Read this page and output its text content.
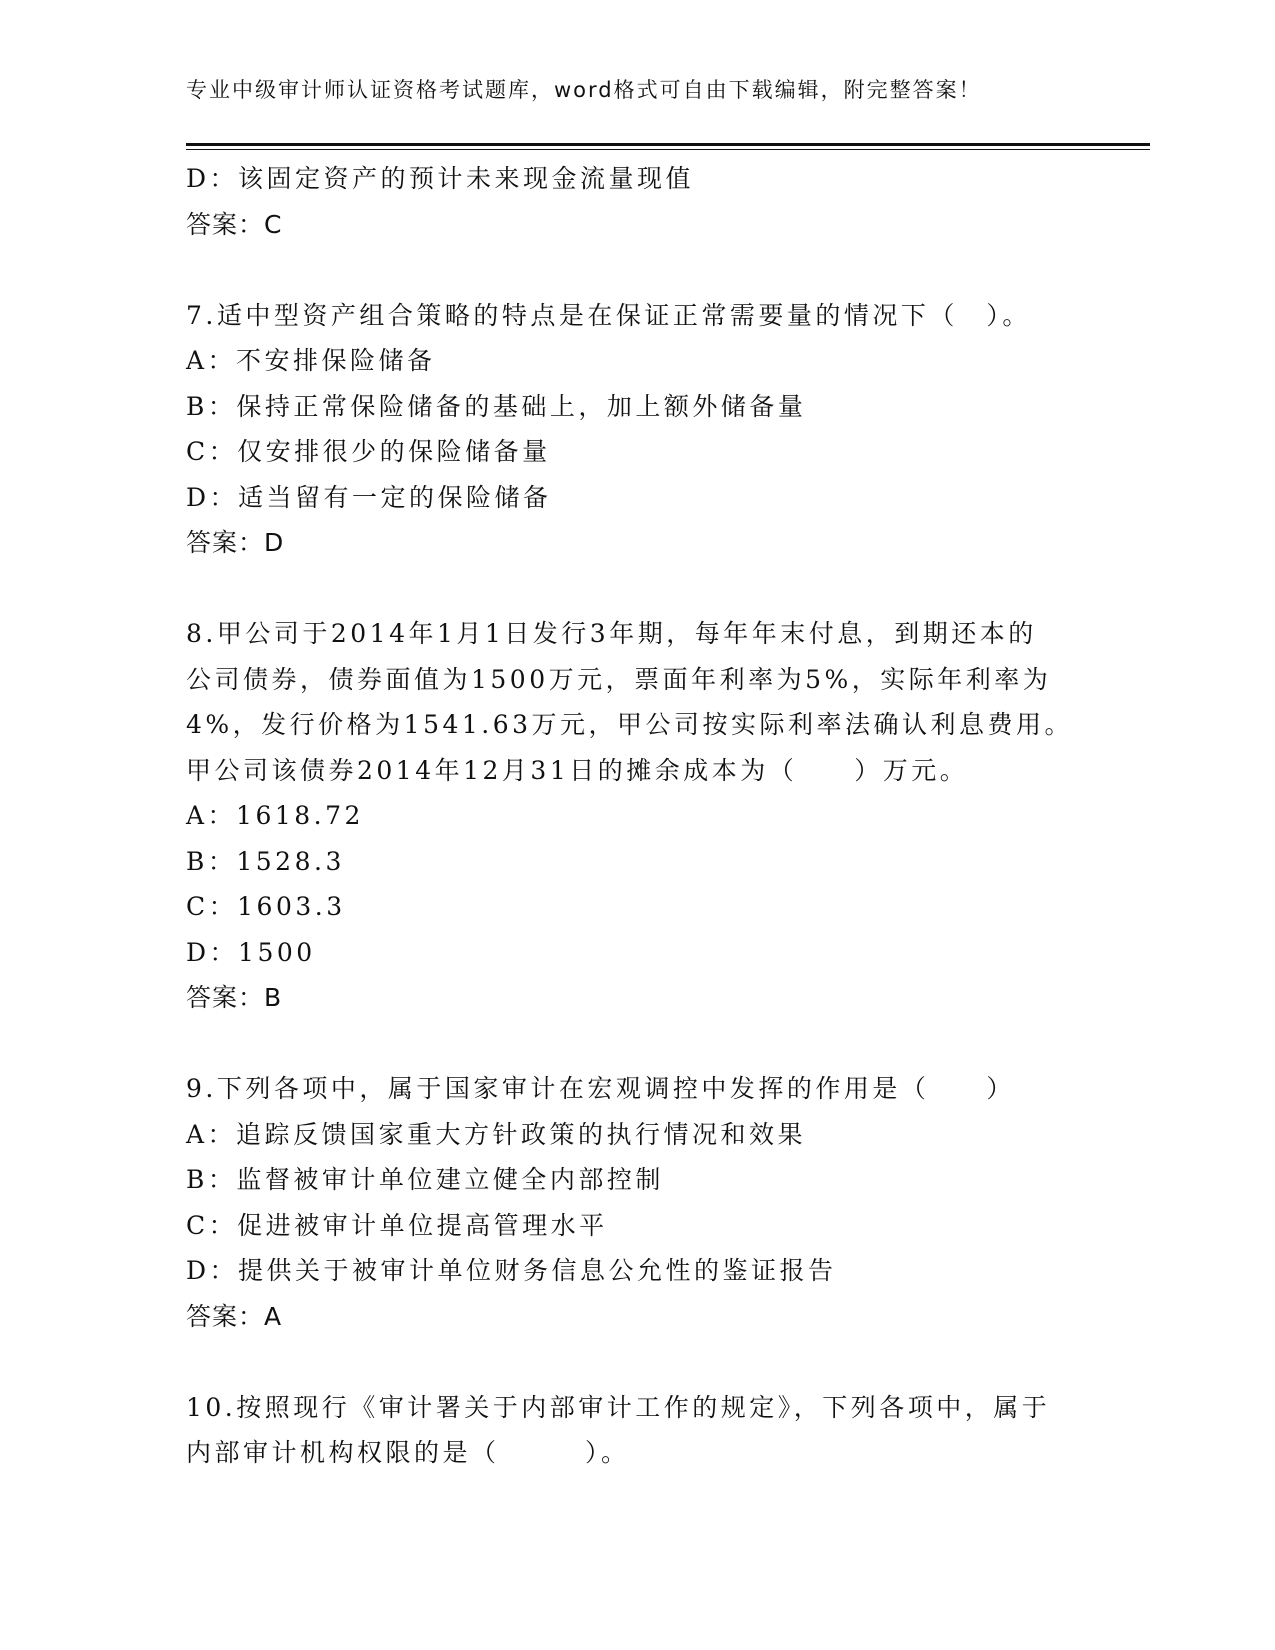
专业中级审计师认证资格考试题库，word格式可自由下载编辑，附完整答案！
D：该固定资产的预计未来现金流量现值
答案：C
7.适中型资产组合策略的特点是在保证正常需要量的情况下（　）。
A：不安排保险储备
B：保持正常保险储备的基础上，加上额外储备量
C：仅安排很少的保险储备量
D：适当留有一定的保险储备
答案：D
8.甲公司于2014年1月1日发行3年期，每年年末付息，到期还本的
公司债券，债券面值为1500万元，票面年利率为5%，实际年利率为
4%，发行价格为1541.63万元，甲公司按实际利率法确认利息费用。
甲公司该债券2014年12月31日的摊余成本为（　　）万元。
A：1618.72
B：1528.3
C：1603.3
D：1500
答案：B
9.下列各项中，属于国家审计在宏观调控中发挥的作用是（　　）
A：追踪反馈国家重大方针政策的执行情况和效果
B：监督被审计单位建立健全内部控制
C：促进被审计单位提高管理水平
D：提供关于被审计单位财务信息公允性的鉴证报告
答案：A
10.按照现行《审计署关于内部审计工作的规定》，下列各项中，属于
内部审计机构权限的是（　　　）。
